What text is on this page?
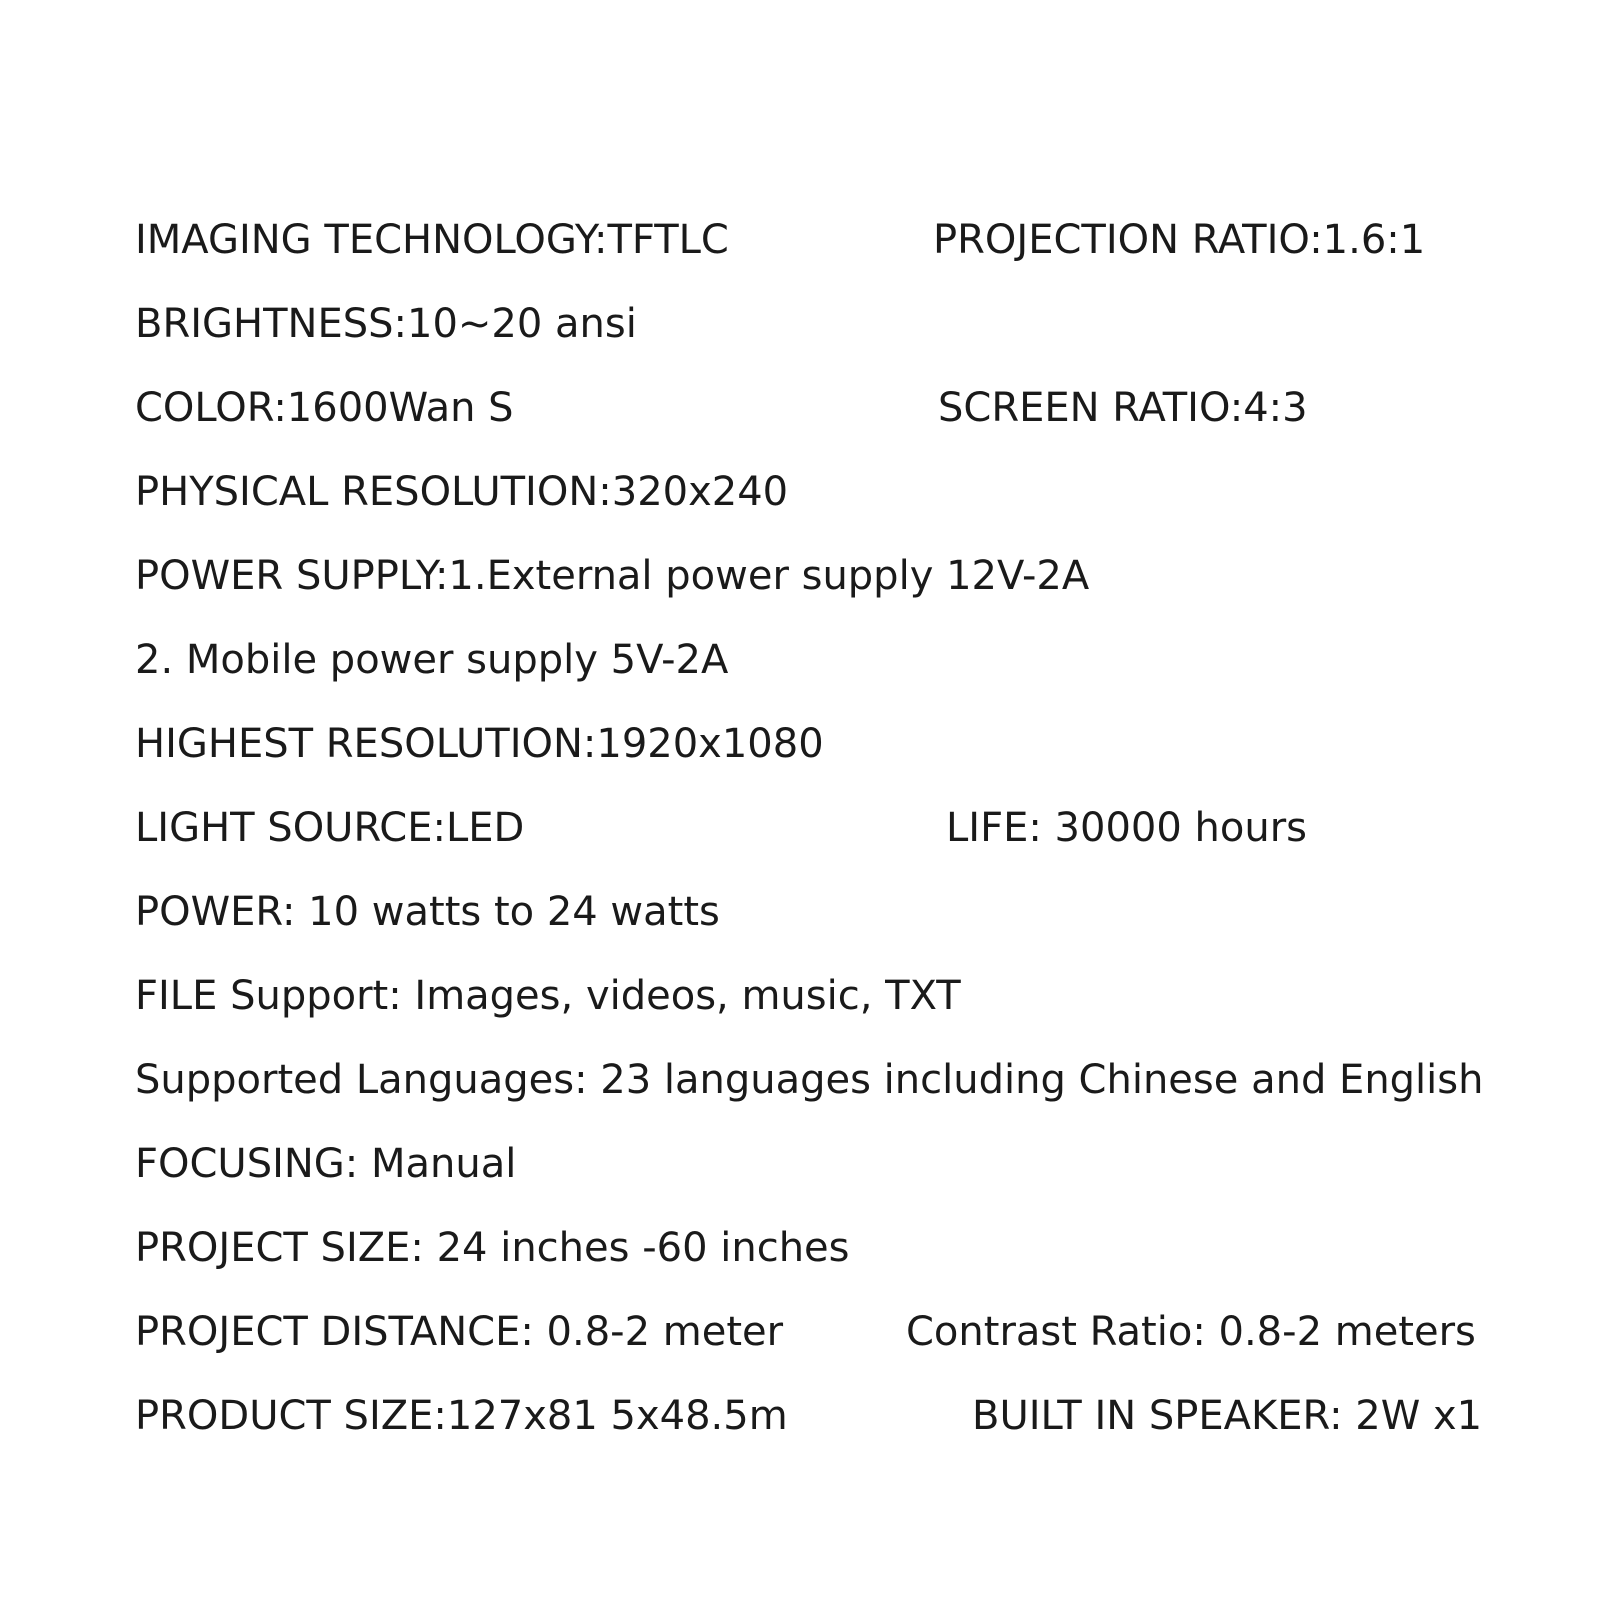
IMAGING TECHNOLOGY:TFTLC	PROJECTION RATIO:1.6:1
BRIGHTNESS:10~20 ansi
COLOR:1600Wan S	SCREEN RATIO:4:3
PHYSICAL RESOLUTION:320x240
POWER SUPPLY:1.External power supply 12V-2A
2. Mobile power supply 5V-2A
HIGHEST RESOLUTION:1920x1080
LIGHT SOURCE:LED	LIFE: 30000 hours
POWER: 10 watts to 24 watts
FILE Support: Images, videos, music, TXT
Supported Languages: 23 languages including Chinese and English
FOCUSING: Manual
PROJECT SIZE: 24 inches -60 inches
PROJECT DISTANCE: 0.8-2 meter	Contrast Ratio: 0.8-2 meters
PRODUCT SIZE:127x81 5x48.5m	BUILT IN SPEAKER: 2W x1
